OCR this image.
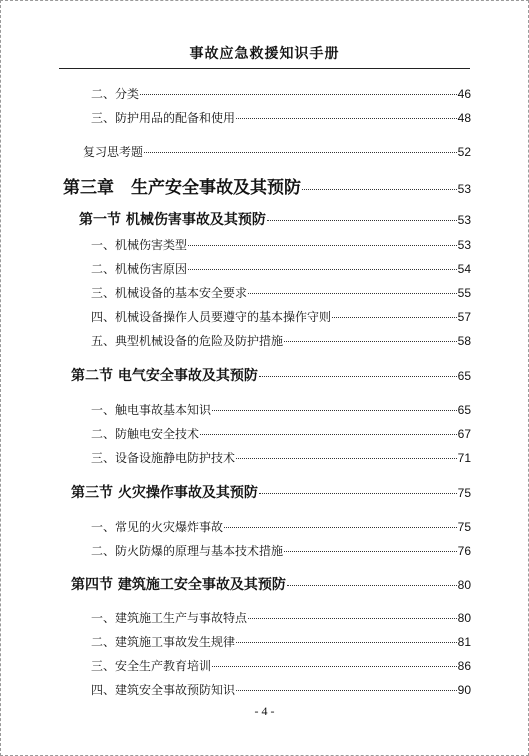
事故应急救援知识手册
二、分类	46
三、防护用品的配备和使用	48
复习思考题	52
第三章　生产安全事故及其预防	53
第一节 机械伤害事故及其预防	53
一、机械伤害类型	53
二、机械伤害原因	54
三、机械设备的基本安全要求	55
四、机械设备操作人员要遵守的基本操作守则	57
五、典型机械设备的危险及防护措施	58
第二节 电气安全事故及其预防	65
一、触电事故基本知识	65
二、防触电安全技术	67
三、设备设施静电防护技术	71
第三节 火灾操作事故及其预防	75
一、常见的火灾爆炸事故	75
二、防火防爆的原理与基本技术措施	76
第四节 建筑施工安全事故及其预防	80
一、建筑施工生产与事故特点	80
二、建筑施工事故发生规律	81
三、安全生产教育培训	86
四、建筑安全事故预防知识	90
- 4 -
